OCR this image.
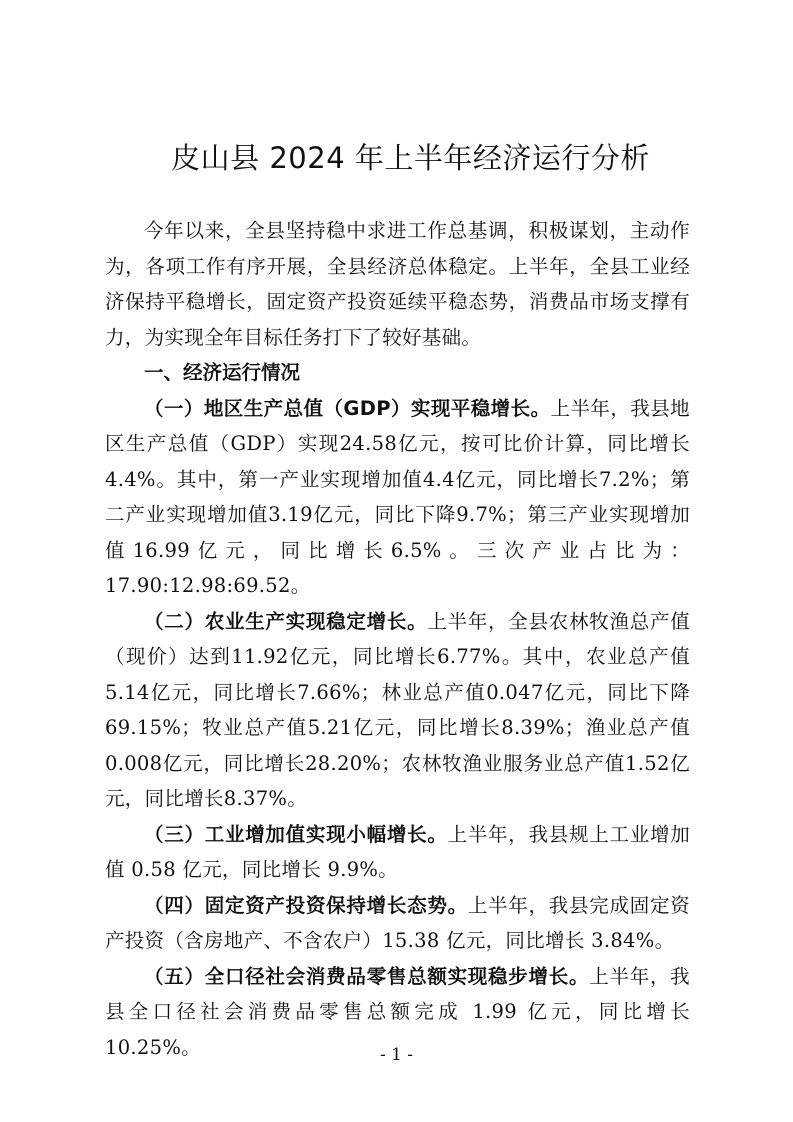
皮山县 2024 年上半年经济运行分析

今年以来，全县坚持稳中求进工作总基调，积极谋划，主动作为，各项工作有序开展，全县经济总体稳定。上半年，全县工业经济保持平稳增长，固定资产投资延续平稳态势，消费品市场支撑有力，为实现全年目标任务打下了较好基础。

一、经济运行情况

（一）地区生产总值（GDP）实现平稳增长。上半年，我县地区生产总值（GDP）实现24.58亿元，按可比价计算，同比增长4.4%。其中，第一产业实现增加值4.4亿元，同比增长7.2%；第二产业实现增加值3.19亿元，同比下降9.7%；第三产业实现增加值16.99亿元，同比增长6.5%。三次产业占比为：17.90:12.98:69.52。

（二）农业生产实现稳定增长。上半年，全县农林牧渔总产值（现价）达到11.92亿元，同比增长6.77%。其中，农业总产值5.14亿元，同比增长7.66%；林业总产值0.047亿元，同比下降69.15%；牧业总产值5.21亿元，同比增长8.39%；渔业总产值0.008亿元，同比增长28.20%；农林牧渔业服务业总产值1.52亿元，同比增长8.37%。

（三）工业增加值实现小幅增长。上半年，我县规上工业增加值 0.58 亿元，同比增长 9.9%。

（四）固定资产投资保持增长态势。上半年，我县完成固定资产投资（含房地产、不含农户）15.38 亿元，同比增长 3.84%。

（五）全口径社会消费品零售总额实现稳步增长。上半年，我县全口径社会消费品零售总额完成 1.99 亿元，同比增长 10.25%。	- 1 -
